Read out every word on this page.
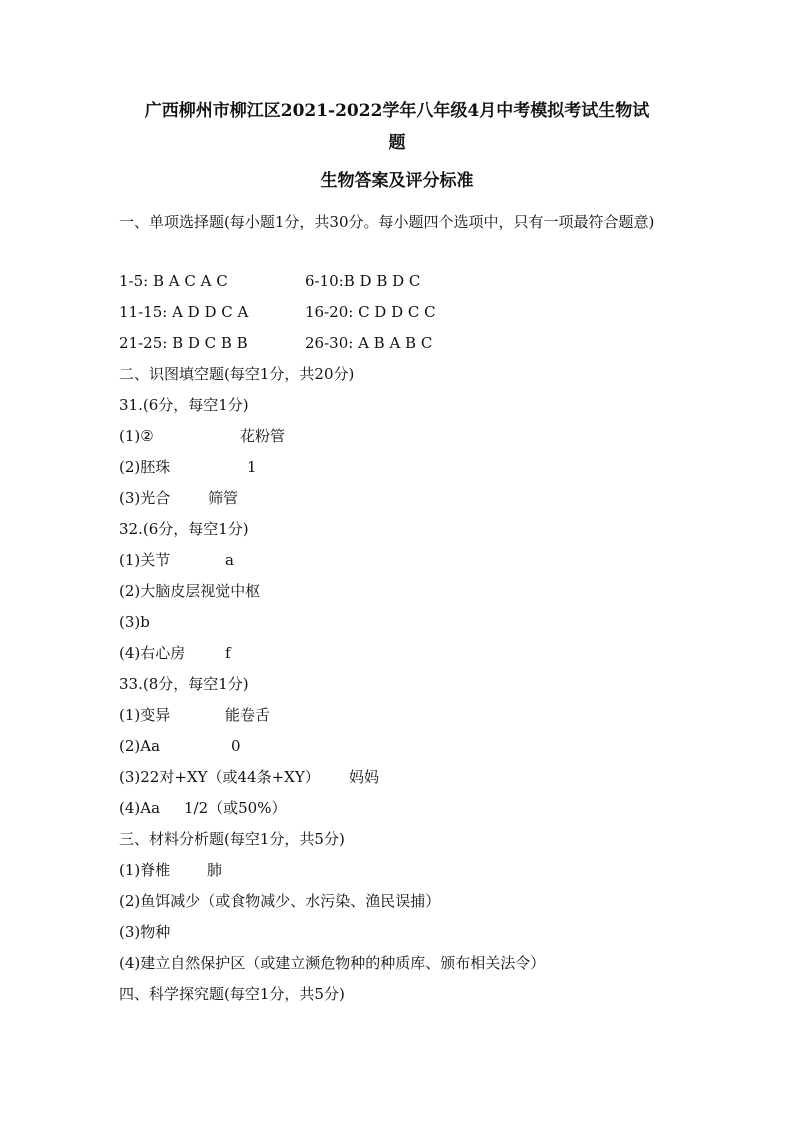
广西柳州市柳江区2021-2022学年八年级4月中考模拟考试生物试
题
生物答案及评分标准
一、单项选择题(每小题1分，共30分。每小题四个选项中，只有一项最符合题意)
1-5: B A C A C	6-10:B D B D C
11-15: A D D C A	16-20: C D D C C
21-25: B D C B B	26-30: A B A B C
二、识图填空题(每空1分，共20分)
31.(6分，每空1分)
(1)②	花粉管
(2)胚珠	1
(3)光合	筛管
32.(6分，每空1分)
(1)关节	a
(2)大脑皮层视觉中枢
(3)b
(4)右心房	f
33.(8分，每空1分)
(1)变异	能卷舌
(2)Aa	0
(3)22对+XY（或44条+XY） 妈妈
(4)Aa 1/2（或50%）
三、材料分析题(每空1分，共5分)
(1)脊椎 肺
(2)鱼饵减少（或食物减少、水污染、渔民误捕）
(3)物种
(4)建立自然保护区（或建立濒危物种的种质库、颁布相关法令）
四、科学探究题(每空1分，共5分)
